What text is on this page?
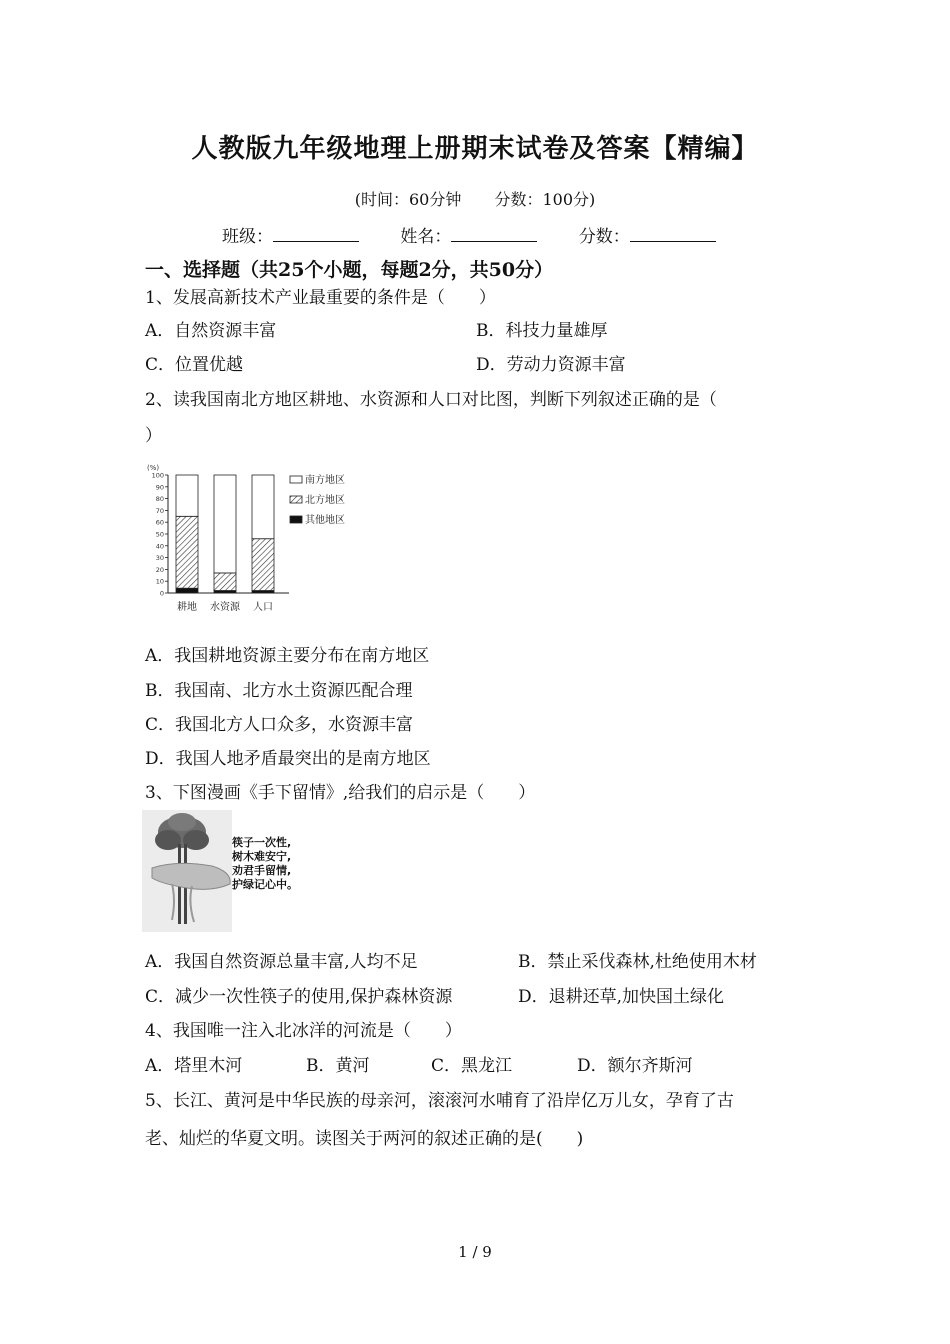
人教版九年级地理上册期末试卷及答案【精编】
(时间：60分钟 分数：100分)
班级：	姓名：	分数：
一、选择题（共25个小题，每题2分，共50分）
1、发展高新技术产业最重要的条件是（　　）
A．自然资源丰富	B．科技力量雄厚
C．位置优越	D．劳动力资源丰富
2、读我国南北方地区耕地、水资源和人口对比图，判断下列叙述正确的是（
）
(%)
0
10
20
30
40
50
60
70
80
90
100
耕地 水资源 人口
南方地区
北方地区
其他地区
A．我国耕地资源主要分布在南方地区
B．我国南、北方水土资源匹配合理
C．我国北方人口众多，水资源丰富
D．我国人地矛盾最突出的是南方地区
3、下图漫画《手下留情》,给我们的启示是（　　）
筷子一次性,
树木难安宁,
劝君手留情,
护绿记心中。
A．我国自然资源总量丰富,人均不足	B．禁止采伐森林,杜绝使用木材
C．减少一次性筷子的使用,保护森林资源	D．退耕还草,加快国土绿化
4、我国唯一注入北冰洋的河流是（　　）
A．塔里木河	B．黄河	C．黑龙江	D．额尔齐斯河
5、长江、黄河是中华民族的母亲河，滚滚河水哺育了沿岸亿万儿女，孕育了古
老、灿烂的华夏文明。读图关于两河的叙述正确的是(　　)
1 / 9
